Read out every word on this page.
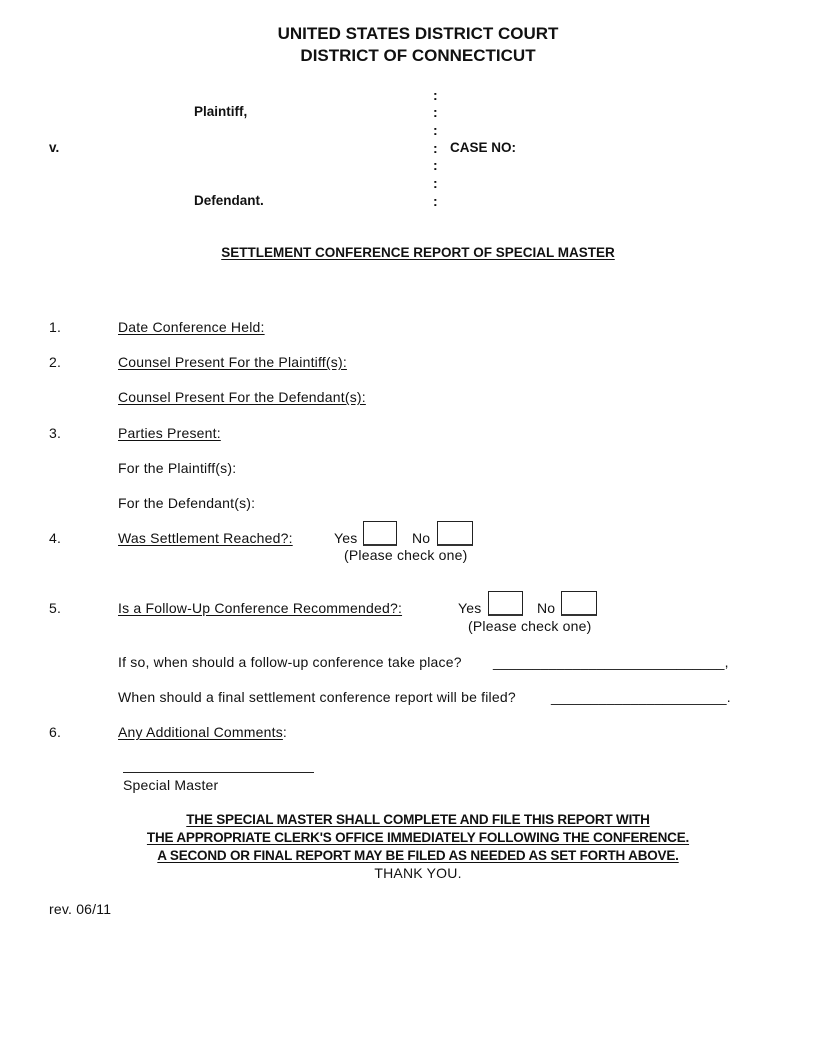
UNITED STATES DISTRICT COURT
DISTRICT OF CONNECTICUT
:
Plaintiff,	:
:
v.	: CASE NO:
:
:
Defendant.	:
SETTLEMENT CONFERENCE REPORT OF SPECIAL MASTER
1.	Date Conference Held:
2.	Counsel Present For the Plaintiff(s):
Counsel Present For the Defendant(s):
3.	Parties Present:
For the Plaintiff(s):
For the Defendant(s):
4.	Was Settlement Reached?:	Yes	No
(Please check one)
5.	Is a Follow-Up Conference Recommended?:	Yes	No
(Please check one)
If so, when should a follow-up conference take place? _____________________________,
When should a final settlement conference report will be filed?	______________________.
6.	Any Additional Comments:
Special Master
THE SPECIAL MASTER SHALL COMPLETE AND FILE THIS REPORT WITH
THE APPROPRIATE CLERK'S OFFICE IMMEDIATELY FOLLOWING THE CONFERENCE.
A SECOND OR FINAL REPORT MAY BE FILED AS NEEDED AS SET FORTH ABOVE.
THANK YOU.
rev. 06/11
